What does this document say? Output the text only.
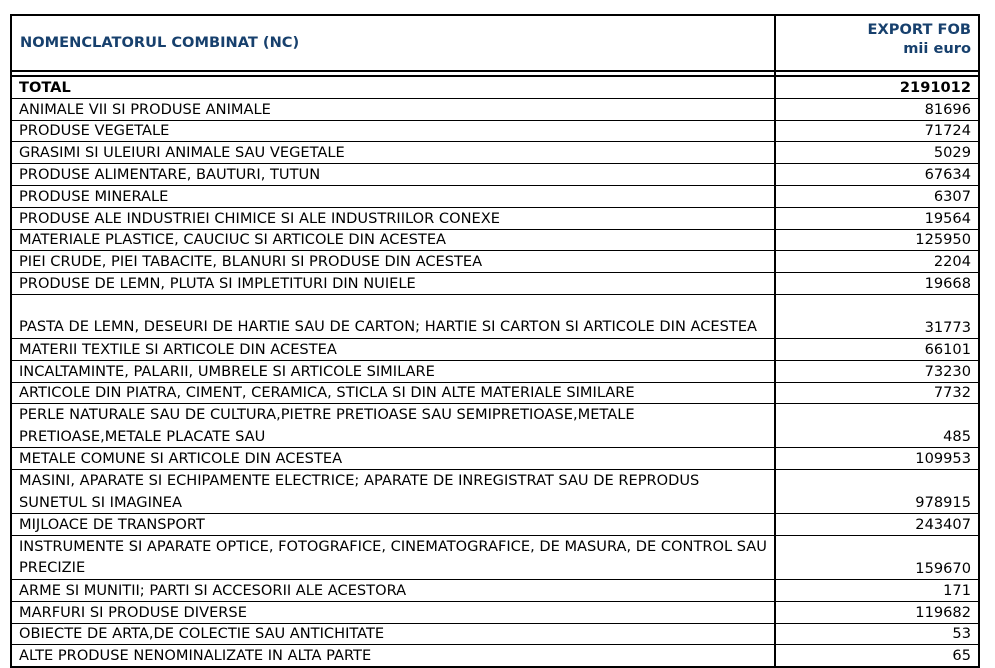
NOMENCLATORUL COMBINAT (NC)	EXPORT FOB
mii euro

TOTAL	2191012
ANIMALE VII SI PRODUSE ANIMALE	81696
PRODUSE VEGETALE	71724
GRASIMI SI ULEIURI ANIMALE SAU VEGETALE	5029
PRODUSE ALIMENTARE, BAUTURI, TUTUN	67634
PRODUSE MINERALE	6307
PRODUSE ALE INDUSTRIEI CHIMICE SI ALE INDUSTRIILOR CONEXE	19564
MATERIALE PLASTICE, CAUCIUC SI ARTICOLE DIN ACESTEA	125950
PIEI CRUDE, PIEI TABACITE, BLANURI SI PRODUSE DIN ACESTEA	2204
PRODUSE DE LEMN, PLUTA SI IMPLETITURI DIN NUIELE	19668
PASTA DE LEMN, DESEURI DE HARTIE SAU DE CARTON; HARTIE SI CARTON SI ARTICOLE DIN ACESTEA	31773
MATERII TEXTILE SI ARTICOLE DIN ACESTEA	66101
INCALTAMINTE, PALARII, UMBRELE SI ARTICOLE SIMILARE	73230
ARTICOLE DIN PIATRA, CIMENT, CERAMICA, STICLA SI DIN ALTE MATERIALE SIMILARE	7732
PERLE NATURALE SAU DE CULTURA,PIETRE PRETIOASE SAU SEMIPRETIOASE,METALE PRETIOASE,METALE PLACATE SAU	485
METALE COMUNE SI ARTICOLE DIN ACESTEA	109953
MASINI, APARATE SI ECHIPAMENTE ELECTRICE; APARATE DE INREGISTRAT SAU DE REPRODUS SUNETUL SI IMAGINEA	978915
MIJLOACE DE TRANSPORT	243407
INSTRUMENTE SI APARATE OPTICE, FOTOGRAFICE, CINEMATOGRAFICE, DE MASURA, DE CONTROL SAU PRECIZIE	159670
ARME SI MUNITII; PARTI SI ACCESORII ALE ACESTORA	171
MARFURI SI PRODUSE DIVERSE	119682
OBIECTE DE ARTA,DE COLECTIE SAU ANTICHITATE	53
ALTE PRODUSE NENOMINALIZATE IN ALTA PARTE	65
